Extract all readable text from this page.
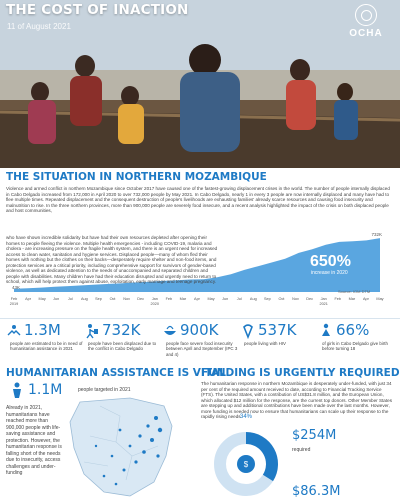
THE COST OF INACTION
11 of August 2021
OCHA
THE SITUATION IN NORTHERN MOZAMBIQUE
Violence and armed conflict in northern Mozambique since October 2017 have caused one of the fastest-growing displacement crises in the world. The number of people internally displaced in Cabo Delgado increased from 172,000 in April 2020 to over 732,000 people by May 2021. In Cabo Delgado, nearly 1 in every 3 people are now internally displaced and many have had to flee multiple times. Repeated displacement and the consequent destruction of people's livelihoods are exhausting families' already scarce resources and causing food insecurity and malnutrition to rise. In the three northern provinces, more than 900,000 people are severely food insecure, and a recent analysis highlighted the impact of the crisis on both displaced people and host communities,
43K
732K
Feb
2019
Apr May Jun Jul Aug Sep Oct Nov Dec Jan
2020
Feb Mar Apr May Jun Jul Aug Sep Oct Nov Dec Jan
2021
Feb Mar Apr May
who have shown incredible solidarity but have had their own resources depleted after opening their homes to people fleeing the violence. Multiple health emergencies - including COVID-19, malaria and cholera - are increasing pressure on the fragile health system, and there is an urgent need for increased access to clean water, sanitation and hygiene services. Displaced people—many of whom fled their homes with nothing but the clothes on their backs—desperately require shelter and non-food items, and protection services are a critical priority, including comprehensive support for survivors of gender-based violence, as well as dedicated attention to the needs of unaccompanied and separated children and people with disabilities. Many children have had their education disrupted and urgently need to return to school, which will help protect them against abuse, exploitation, early marriage and teenage pregnancy.
650%
increase in 2020
Source: IOM DTM
1.3M
people are estimated to be in need of humanitarian assistance in 2021
732K
people have been displaced due to the conflict in Cabo Delgado
900K
people face severe food insecurity between April and September (IPC 3 and 4)
537K
people living with HIV
66%
of girls in Cabo Delgado give birth before turning 18
HUMANITARIAN ASSISTANCE IS VITAL
1.1M	people targeted in 2021
Already in 2021, humanitarians have reached more than 900,000 people with life-saving assistance and protection. However, the humanitarian response is falling short of the needs due to insecurity, access challenges and under-funding
FUNDING IS URGENTLY REQUIRED
The humanitarian response in northern Mozambique is desperately under-funded, with just 34 per cent of the required amount received to date, according to Financial Tracking Service (FTS). The United States, with a contribution of US$31.8 million, and the European Union, which allocated $12 million for the response, are the current top donors. Other Member States are stepping up and additional contributions have been made over the last months. However, more funding is needed now to ensure that humanitarians can scale up their response to the rapidly rising needs.
$
34%
$254M
required
$86.3M
